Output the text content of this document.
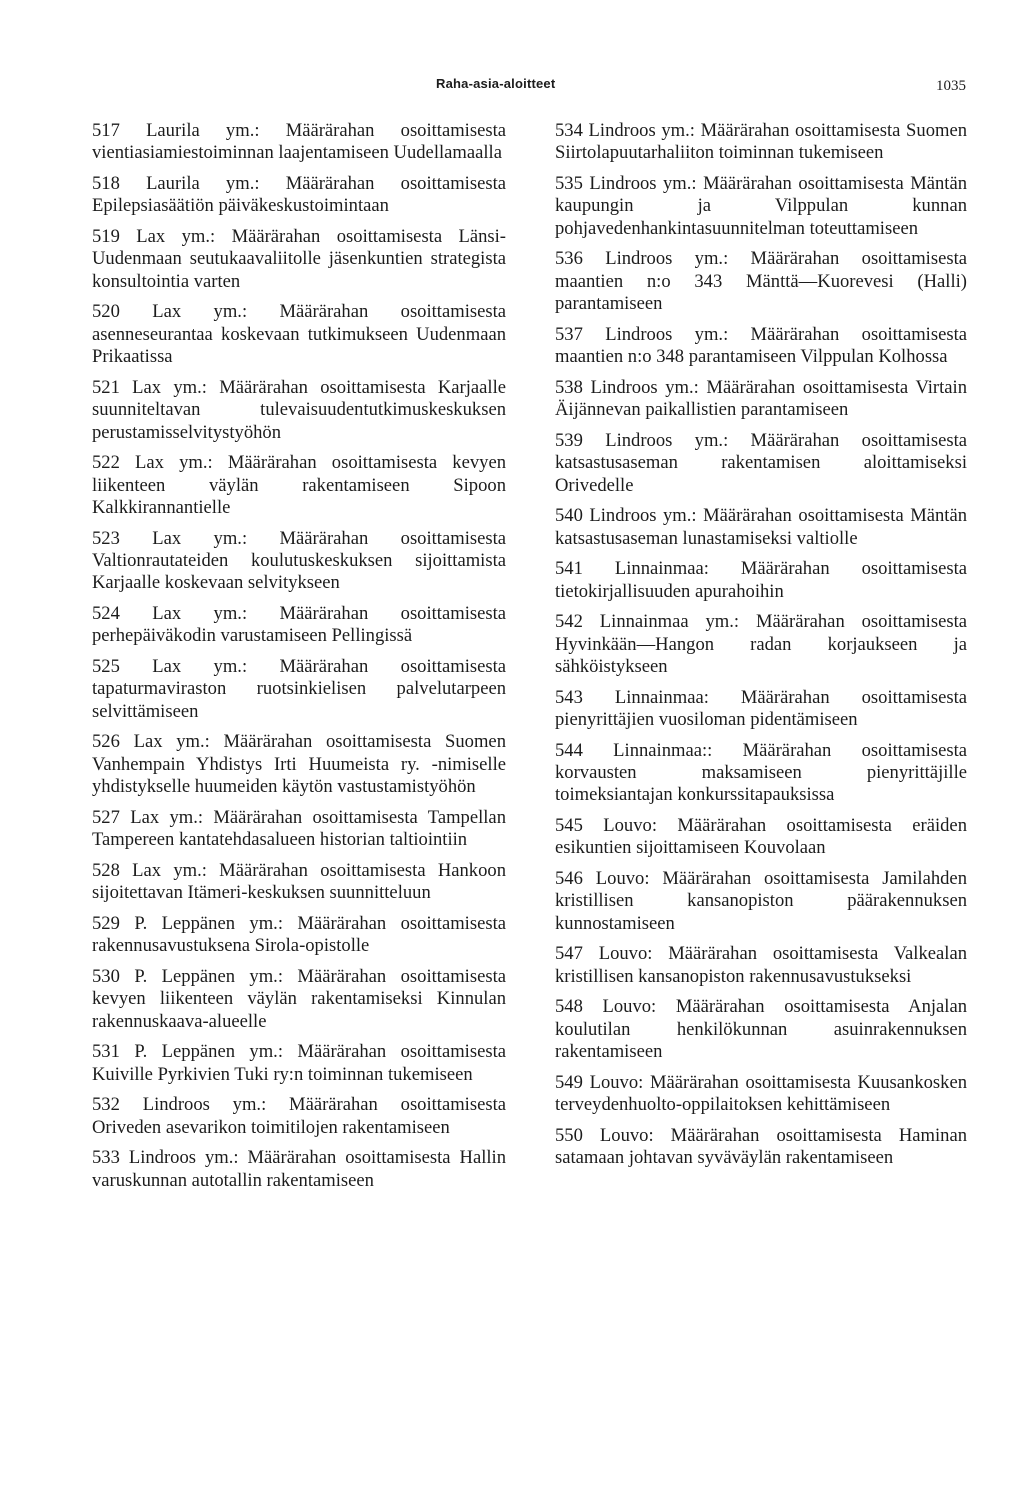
Raha-asia-aloitteet	1035

517 Laurila ym.: Määrärahan osoittamisesta vientiasiamiestoiminnan laajentamiseen Uudellamaalla

518 Laurila ym.: Määrärahan osoittamisesta Epilepsiasäätiön päiväkeskustoimintaan

519 Lax ym.: Määrärahan osoittamisesta Länsi-Uudenmaan seutukaavaliitolle jäsenkuntien strategista konsultointia varten

520 Lax ym.: Määrärahan osoittamisesta asenneseurantaa koskevaan tutkimukseen Uudenmaan Prikaatissa

521 Lax ym.: Määrärahan osoittamisesta Karjaalle suunniteltavan tulevaisuudentutkimuskeskuksen perustamisselvitystyöhön

522 Lax ym.: Määrärahan osoittamisesta kevyen liikenteen väylän rakentamiseen Sipoon Kalkkirannantielle

523 Lax ym.: Määrärahan osoittamisesta Valtionrautateiden koulutuskeskuksen sijoittamista Karjaalle koskevaan selvitykseen

524 Lax ym.: Määrärahan osoittamisesta perhepäiväkodin varustamiseen Pellingissä

525 Lax ym.: Määrärahan osoittamisesta tapaturmaviraston ruotsinkielisen palvelutarpeen selvittämiseen

526 Lax ym.: Määrärahan osoittamisesta Suomen Vanhempain Yhdistys Irti Huumeista ry. -nimiselle yhdistykselle huumeiden käytön vastustamistyöhön

527 Lax ym.: Määrärahan osoittamisesta Tampellan Tampereen kantatehdasalueen historian taltiointiin

528 Lax ym.: Määrärahan osoittamisesta Hankoon sijoitettavan Itämeri-keskuksen suunnitteluun

529 P. Leppänen ym.: Määrärahan osoittamisesta rakennusavustuksena Sirola-opistolle

530 P. Leppänen ym.: Määrärahan osoittamisesta kevyen liikenteen väylän rakentamiseksi Kinnulan rakennuskaava-alueelle

531 P. Leppänen ym.: Määrärahan osoittamisesta Kuiville Pyrkivien Tuki ry:n toiminnan tukemiseen

532 Lindroos ym.: Määrärahan osoittamisesta Oriveden asevarikon toimitilojen rakentamiseen

533 Lindroos ym.: Määrärahan osoittamisesta Hallin varuskunnan autotallin rakentamiseen

534 Lindroos ym.: Määrärahan osoittamisesta Suomen Siirtolapuutarhaliiton toiminnan tukemiseen

535 Lindroos ym.: Määrärahan osoittamisesta Mäntän kaupungin ja Vilppulan kunnan pohjavedenhankintasuunnitelman toteuttamiseen

536 Lindroos ym.: Määrärahan osoittamisesta maantien n:o 343 Mänttä—Kuorevesi (Halli) parantamiseen

537 Lindroos ym.: Määrärahan osoittamisesta maantien n:o 348 parantamiseen Vilppulan Kolhossa

538 Lindroos ym.: Määrärahan osoittamisesta Virtain Äijännevan paikallistien parantamiseen

539 Lindroos ym.: Määrärahan osoittamisesta katsastusaseman rakentamisen aloittamiseksi Orivedelle

540 Lindroos ym.: Määrärahan osoittamisesta Mäntän katsastusaseman lunastamiseksi valtiolle

541 Linnainmaa: Määrärahan osoittamisesta tietokirjallisuuden apurahoihin

542 Linnainmaa ym.: Määrärahan osoittamisesta Hyvinkään—Hangon radan korjaukseen ja sähköistykseen

543 Linnainmaa: Määrärahan osoittamisesta pienyrittäjien vuosiloman pidentämiseen

544 Linnainmaa:: Määrärahan osoittamisesta korvausten maksamiseen pienyrittäjille toimeksiantajan konkurssitapauksissa

545 Louvo: Määrärahan osoittamisesta eräiden esikuntien sijoittamiseen Kouvolaan

546 Louvo: Määrärahan osoittamisesta Jamilahden kristillisen kansanopiston päärakennuksen kunnostamiseen

547 Louvo: Määrärahan osoittamisesta Valkealan kristillisen kansanopiston rakennusavustukseksi

548 Louvo: Määrärahan osoittamisesta Anjalan koulutilan henkilökunnan asuinrakennuksen rakentamiseen

549 Louvo: Määrärahan osoittamisesta Kuusankosken terveydenhuolto-oppilaitoksen kehittämiseen

550 Louvo: Määrärahan osoittamisesta Haminan satamaan johtavan syväväylän rakentamiseen
